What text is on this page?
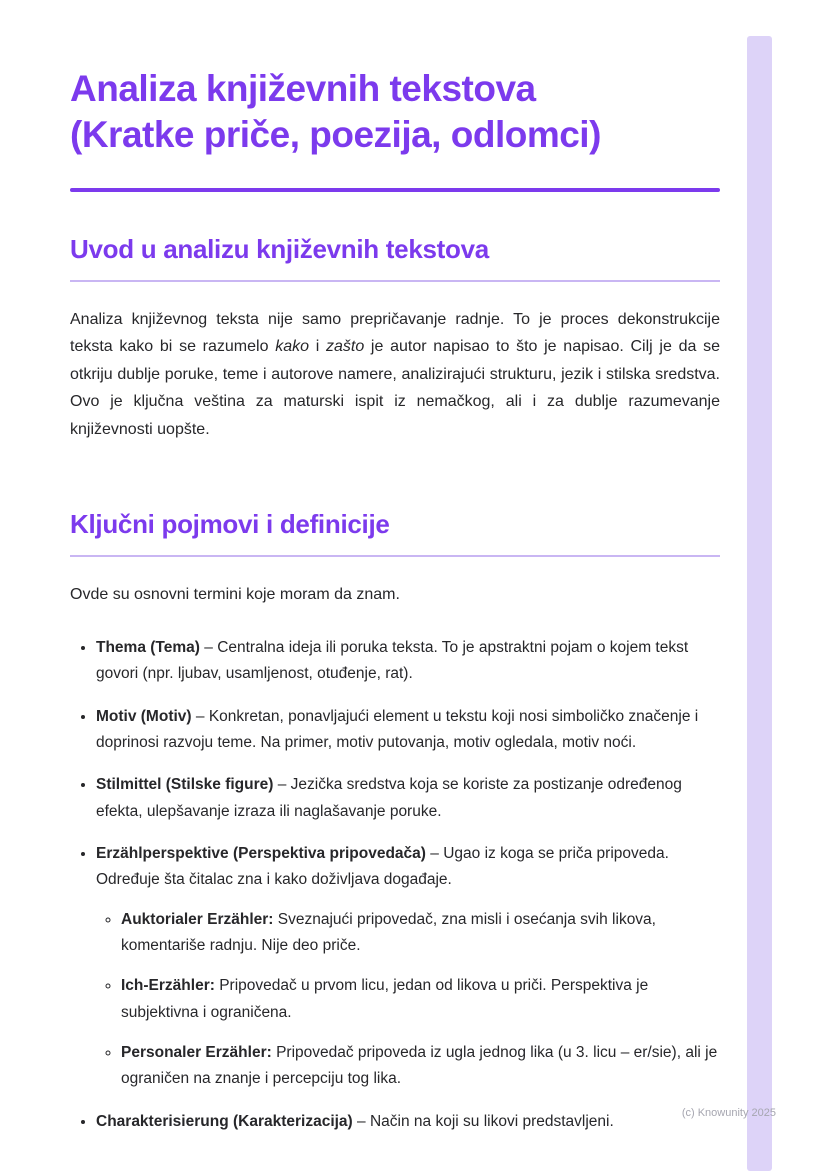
Analiza književnih tekstova (Kratke priče, poezija, odlomci)
Uvod u analizu književnih tekstova

Analiza književnog teksta nije samo prepričavanje radnje. To je proces dekonstrukcije teksta kako bi se razumelo kako i zašto je autor napisao to što je napisao. Cilj je da se otkriju dublje poruke, teme i autorove namere, analizirajući strukturu, jezik i stilska sredstva. Ovo je ključna veština za maturski ispit iz nemačkog, ali i za dublje razumevanje književnosti uopšte.

Ključni pojmovi i definicije

Ovde su osnovni termini koje moram da znam.

• Thema (Tema) – Centralna ideja ili poruka teksta. To je apstraktni pojam o kojem tekst govori (npr. ljubav, usamljenost, otuđenje, rat).
• Motiv (Motiv) – Konkretan, ponavljajući element u tekstu koji nosi simboličko značenje i doprinosi razvoju teme. Na primer, motiv putovanja, motiv ogledala, motiv noći.
• Stilmittel (Stilske figure) – Jezička sredstva koja se koriste za postizanje određenog efekta, ulepšavanje izraza ili naglašavanje poruke.
• Erzählperspektive (Perspektiva pripovedača) – Ugao iz koga se priča pripoveda. Određuje šta čitalac zna i kako doživljava događaje.
◦ Auktorialer Erzähler: Sveznajući pripovedač, zna misli i osećanja svih likova, komentariše radnju. Nije deo priče.
◦ Ich-Erzähler: Pripovedač u prvom licu, jedan od likova u priči. Perspektiva je subjektivna i ograničena.
◦ Personaler Erzähler: Pripovedač pripoveda iz ugla jednog lika (u 3. licu – er/sie), ali je ograničen na znanje i percepciju tog lika.
• Charakterisierung (Karakterizacija) – Način na koji su likovi predstavljeni.	(c) Knowunity 2025
